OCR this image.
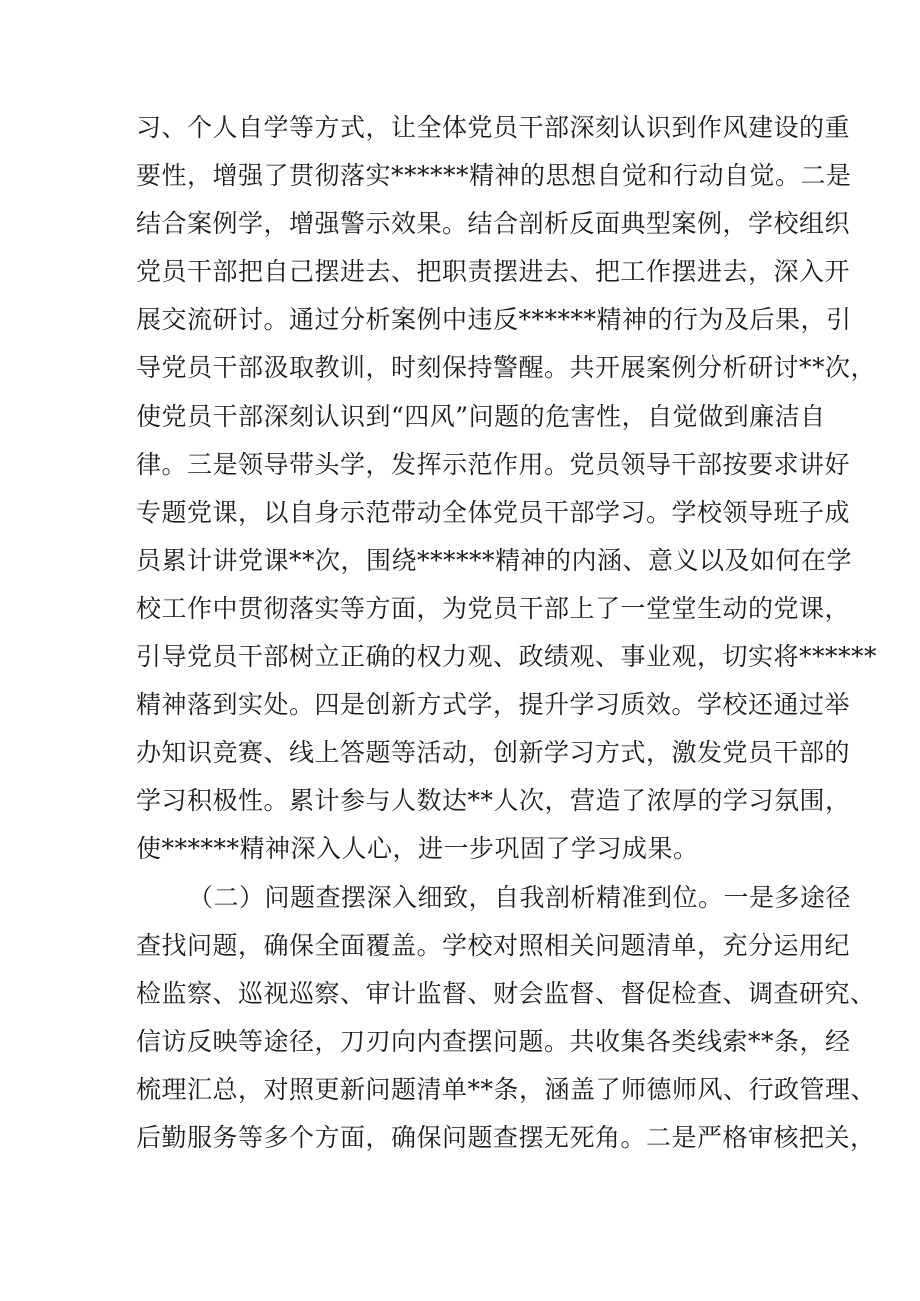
习、个人自学等方式，让全体党员干部深刻认识到作风建设的重
要性，增强了贯彻落实******精神的思想自觉和行动自觉。二是
结合案例学，增强警示效果。结合剖析反面典型案例，学校组织
党员干部把自己摆进去、把职责摆进去、把工作摆进去，深入开
展交流研讨。通过分析案例中违反******精神的行为及后果，引
导党员干部汲取教训，时刻保持警醒。共开展案例分析研讨**次，
使党员干部深刻认识到“四风”问题的危害性，自觉做到廉洁自
律。三是领导带头学，发挥示范作用。党员领导干部按要求讲好
专题党课，以自身示范带动全体党员干部学习。学校领导班子成
员累计讲党课**次，围绕******精神的内涵、意义以及如何在学
校工作中贯彻落实等方面，为党员干部上了一堂堂生动的党课，
引导党员干部树立正确的权力观、政绩观、事业观，切实将******
精神落到实处。四是创新方式学，提升学习质效。学校还通过举
办知识竞赛、线上答题等活动，创新学习方式，激发党员干部的
学习积极性。累计参与人数达**人次，营造了浓厚的学习氛围，
使******精神深入人心，进一步巩固了学习成果。
（二）问题查摆深入细致，自我剖析精准到位。一是多途径
查找问题，确保全面覆盖。学校对照相关问题清单，充分运用纪
检监察、巡视巡察、审计监督、财会监督、督促检查、调查研究、
信访反映等途径，刀刃向内查摆问题。共收集各类线索**条，经
梳理汇总，对照更新问题清单**条，涵盖了师德师风、行政管理、
后勤服务等多个方面，确保问题查摆无死角。二是严格审核把关，
